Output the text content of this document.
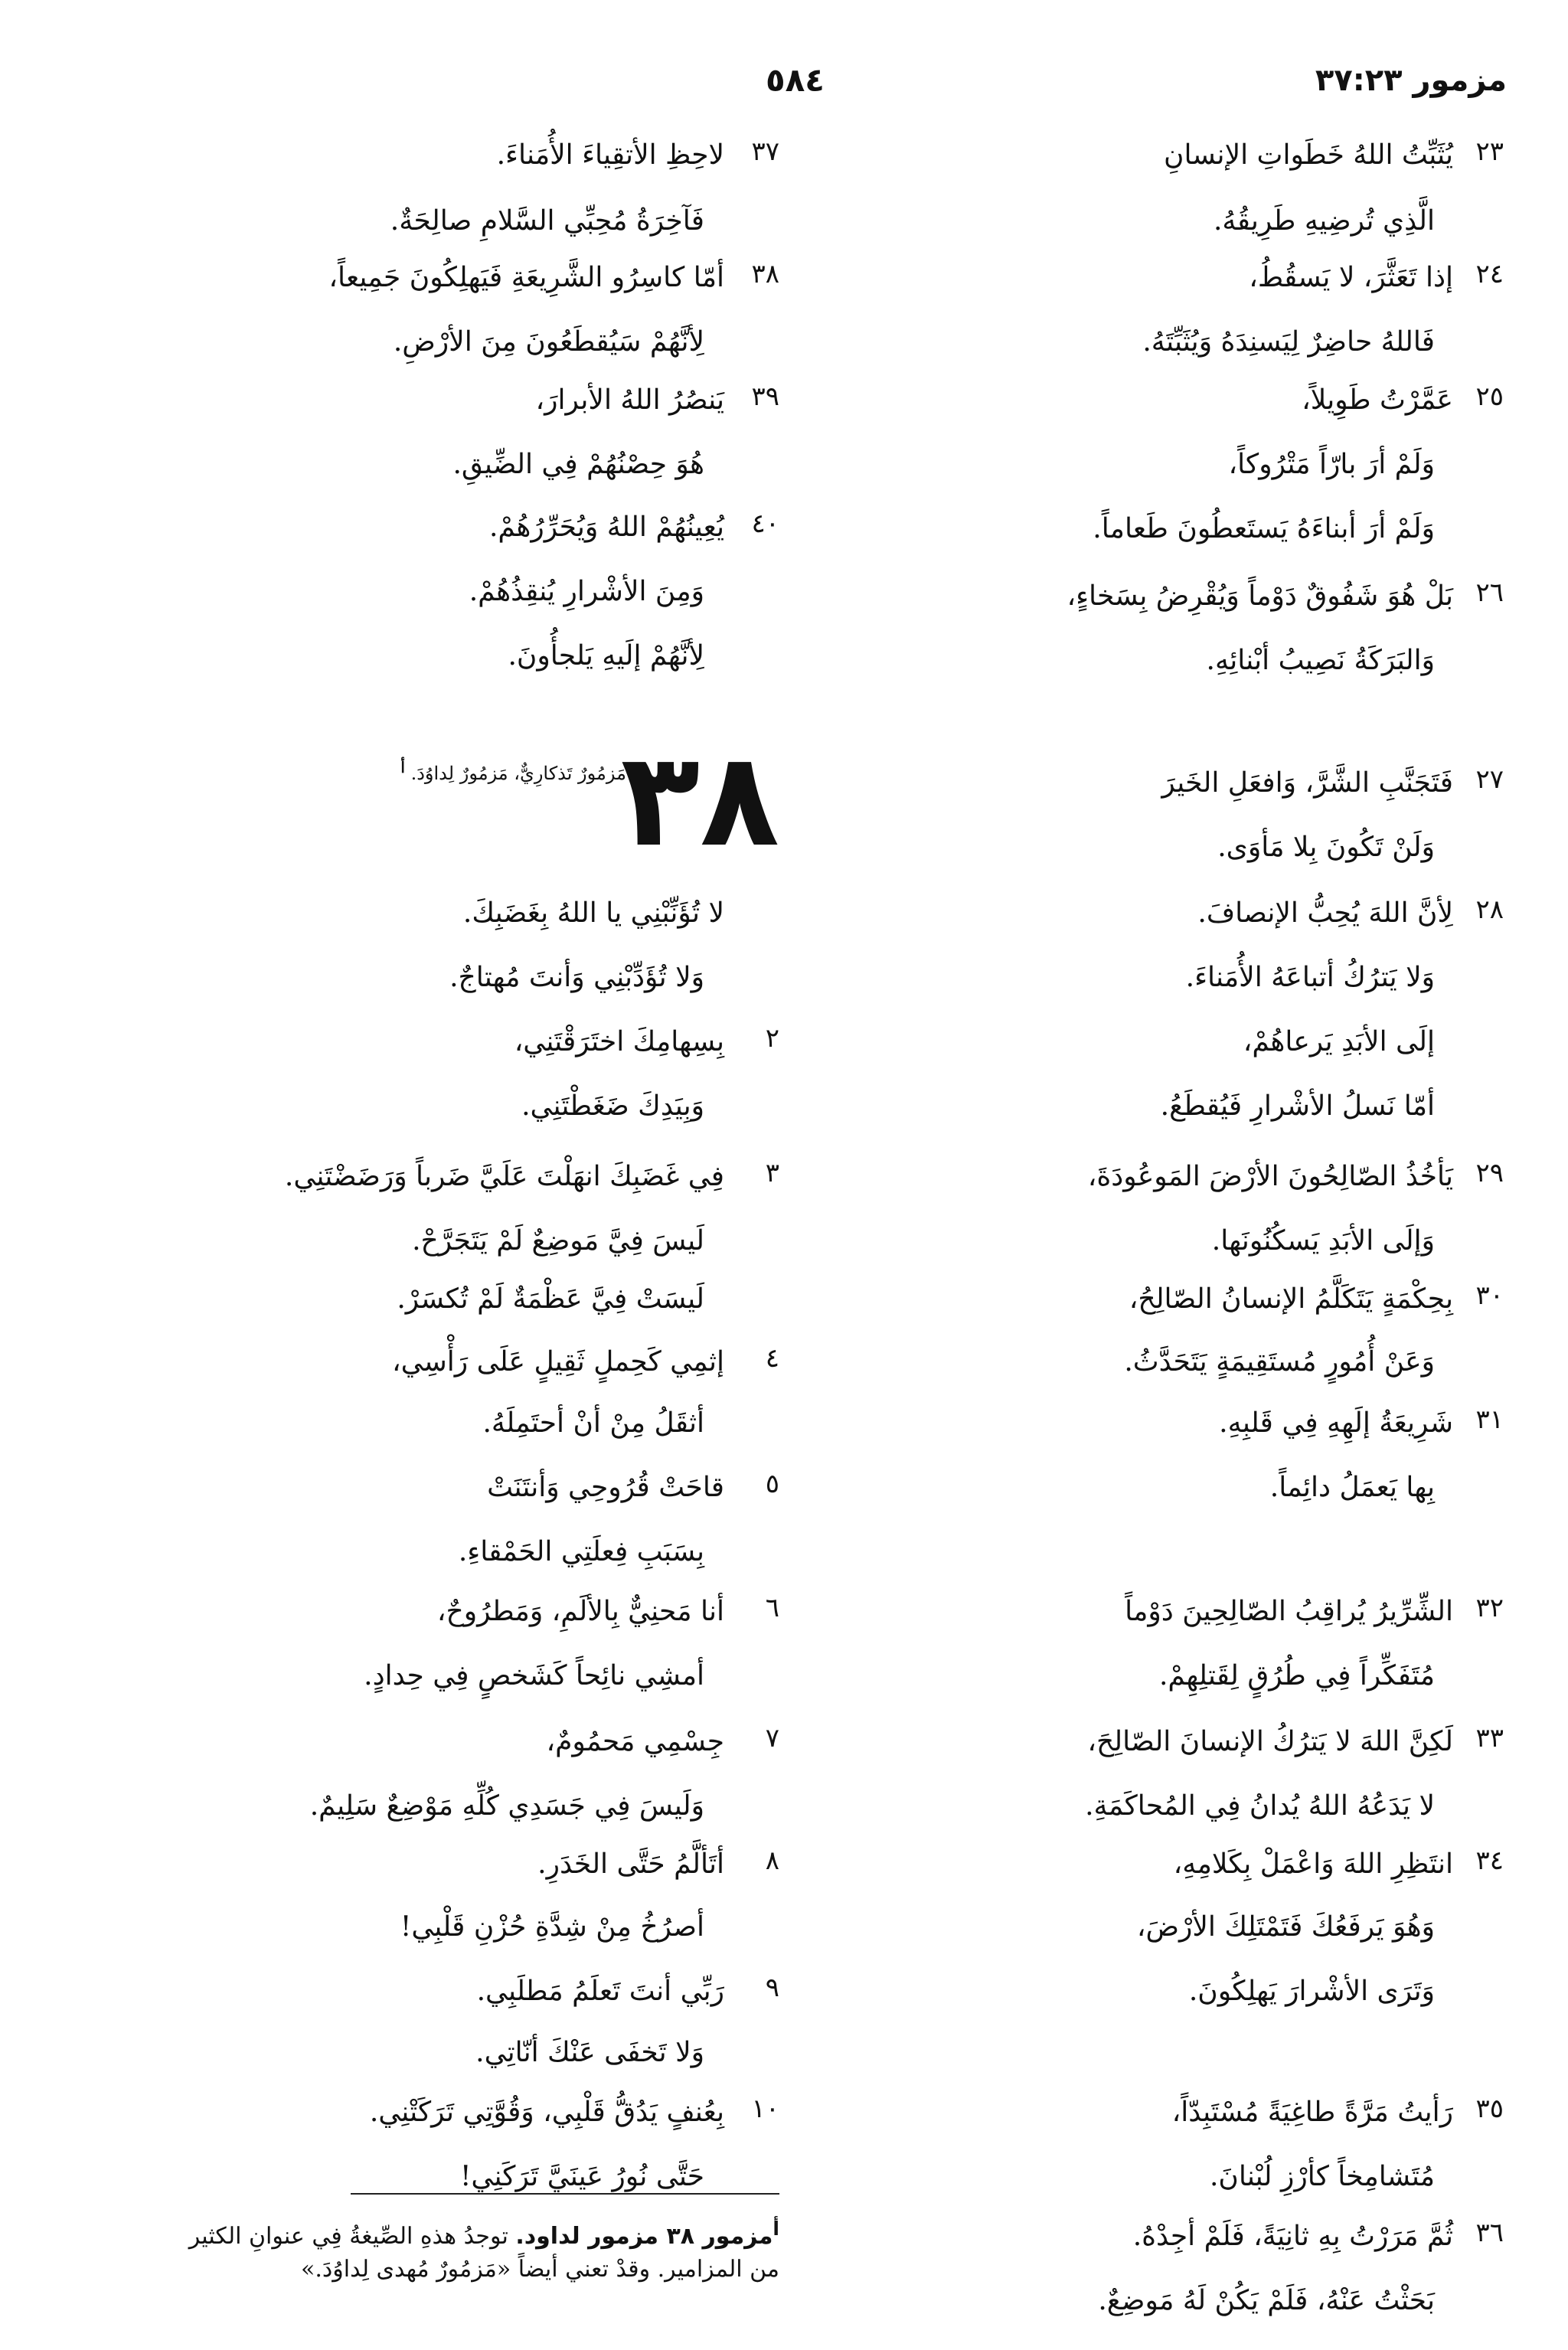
مزمور ٣٧:٢٣
٥٨٤
٢٣
يُثَبِّتُ اللهُ خَطَواتِ الإنسانِ
الَّذِي تُرضِيهِ طَرِيقُهُ.
٢٤
إذا تَعَثَّرَ، لا يَسقُطُ،
فَاللهُ حاضِرٌ لِيَسنِدَهُ وَيُثَبِّتَهُ.
٢٥
عَمَّرْتُ طَوِيلاً،
وَلَمْ أرَ بارّاً مَتْرُوكاً،
وَلَمْ أرَ أبناءَهُ يَستَعطُونَ طَعاماً.
٢٦
بَلْ هُوَ شَفُوقٌ دَوْماً وَيُقْرِضُ بِسَخاءٍ،
وَالبَرَكَةُ نَصِيبُ أبْنائِهِ.
٢٧
فَتَجَنَّبِ الشَّرَّ، وَافعَلِ الخَيرَ
وَلَنْ تَكُونَ بِلا مَأوَى.
٢٨
لِأنَّ اللهَ يُحِبُّ الإنصافَ.
وَلا يَترُكُ أتباعَهُ الأُمَناءَ.
إلَى الأبَدِ يَرعاهُمْ،
أمّا نَسلُ الأشْرارِ فَيُقطَعُ.
٢٩
يَأخُذُ الصّالِحُونَ الأرْضَ المَوعُودَةَ،
وَإلَى الأبَدِ يَسكُنُونَها.
٣٠
بِحِكْمَةٍ يَتَكَلَّمُ الإنسانُ الصّالِحُ،
وَعَنْ أُمُورٍ مُستَقِيمَةٍ يَتَحَدَّثُ.
٣١
شَرِيعَةُ إلَهِهِ فِي قَلبِهِ.
بِها يَعمَلُ دائِماً.
٣٢
الشِّرِّيرُ يُراقِبُ الصّالِحِينَ دَوْماً
مُتَفَكِّراً فِي طُرُقٍ لِقَتلِهِمْ.
٣٣
لَكِنَّ اللهَ لا يَترُكُ الإنسانَ الصّالِحَ،
لا يَدَعُهُ اللهُ يُدانُ فِي المُحاكَمَةِ.
٣٤
انتَظِرِ اللهَ وَاعْمَلْ بِكَلامِهِ،
وَهُوَ يَرفَعُكَ فَتَمْتَلِكَ الأرْضَ،
وَتَرَى الأشْرارَ يَهلِكُونَ.
٣٥
رَأيتُ مَرَّةً طاغِيَةً مُسْتَبِدّاً،
مُتَشامِخاً كأرْزِ لُبْنانَ.
٣٦
ثُمَّ مَرَرْتُ بِهِ ثانِيَةً، فَلَمْ أجِدْهُ.
بَحَثْتُ عَنْهُ، فَلَمْ يَكُنْ لَهُ مَوضِعٌ.
٣٧
لاحِظِ الأتقِياءَ الأُمَناءَ.
فَآخِرَةُ مُحِبِّي السَّلامِ صالِحَةٌ.
٣٨
أمّا كاسِرُو الشَّرِيعَةِ فَيَهلِكُونَ جَمِيعاً،
لِأنَّهُمْ سَيُقطَعُونَ مِنَ الأرْضِ.
٣٩
يَنصُرُ اللهُ الأبرارَ،
هُوَ حِصْنُهُمْ فِي الضِّيقِ.
٤٠
يُعِينُهُمْ اللهُ وَيُحَرِّرُهُمْ.
وَمِنَ الأشْرارِ يُنقِذُهُمْ.
لِأنَّهُمْ إلَيهِ يَلجأُونَ.
لا تُؤَنِّبْنِي يا اللهُ بِغَضَبِكَ.
وَلا تُؤَدِّبْنِي وَأنتَ مُهتاجٌ.
٢
بِسِهامِكَ اختَرَقْتَنِي،
وَبِيَدِكَ ضَغَطْتَنِي.
٣
فِي غَضَبِكَ انهَلْتَ عَلَيَّ ضَرباً وَرَضَضْتَنِي.
لَيسَ فِيَّ مَوضِعٌ لَمْ يَتَجَرَّحْ.
لَيسَتْ فِيَّ عَظْمَةٌ لَمْ تُكسَرْ.
٤
إثمِي كَحِملٍ ثَقِيلٍ عَلَى رَأْسِي،
أثقَلُ مِنْ أنْ أحتَمِلَهُ.
٥
قاحَتْ قُرُوحِي وَأنتَنَتْ
بِسَبَبِ فِعلَتِي الحَمْقاءِ.
٦
أنا مَحنِيٌّ بِالألَمِ، وَمَطرُوحٌ،
أمشِي نائِحاً كَشَخصٍ فِي حِدادٍ.
٧
جِسْمِي مَحمُومٌ،
وَلَيسَ فِي جَسَدِي كُلِّهِ مَوْضِعٌ سَلِيمٌ.
٨
أتَألَّمُ حَتَّى الخَدَرِ.
أصرُخُ مِنْ شِدَّةِ حُزْنِ قَلْبِي!
٩
رَبِّي أنتَ تَعلَمُ مَطلَبِي.
وَلا تَخفَى عَنْكَ أنّاتِي.
١٠
بِعُنفٍ يَدُقُّ قَلْبِي، وَقُوَّتِي تَرَكَتْنِي.
حَتَّى نُورُ عَينَيَّ تَرَكَنِي!
٣٨
مَزمُورٌ تَذكارِيٌّ، مَزمُورٌ لِداوُدَ. $^أ$
$^أ$مزمور ٣٨ مزمور لداود. توجدُ هذهِ الصِّيغةُ فِي عنوانِ الكثير
من المزامير. وقدْ تعني أيضاً «مَزمُورٌ مُهدى لِداوُدَ.»
